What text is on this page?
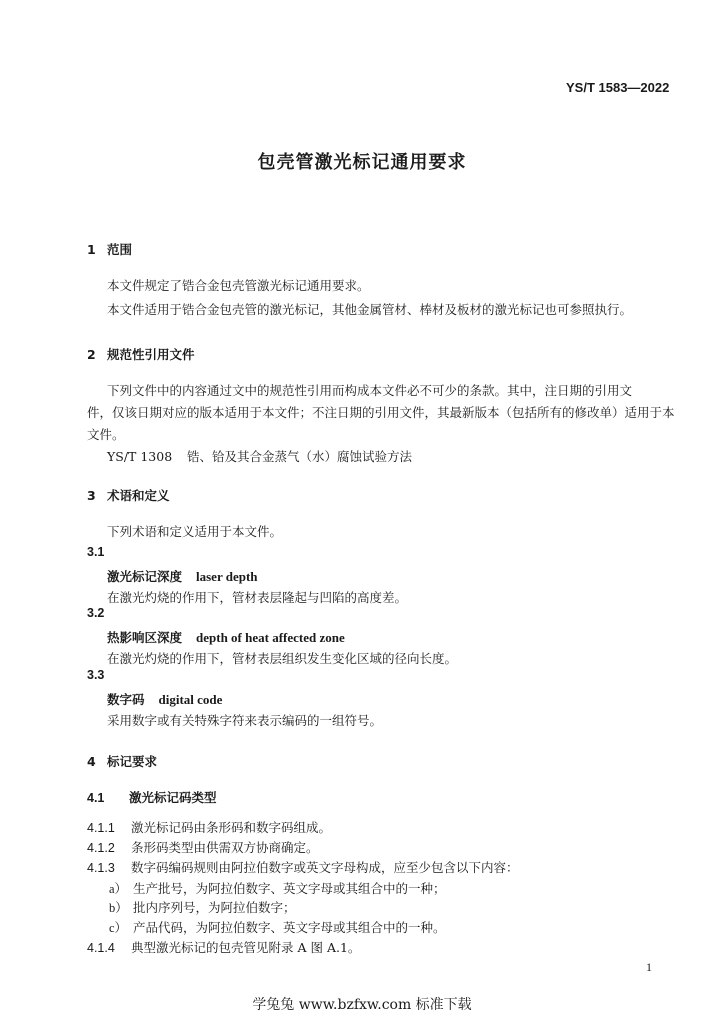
YS/T 1583—2022
包壳管激光标记通用要求
1 范围
本文件规定了锆合金包壳管激光标记通用要求。
本文件适用于锆合金包壳管的激光标记，其他金属管材、棒材及板材的激光标记也可参照执行。
2 规范性引用文件
下列文件中的内容通过文中的规范性引用而构成本文件必不可少的条款。其中，注日期的引用文
件，仅该日期对应的版本适用于本文件；不注日期的引用文件，其最新版本（包括所有的修改单）适用于本
文件。
YS/T 1308 锆、铪及其合金蒸气（水）腐蚀试验方法
3 术语和定义
下列术语和定义适用于本文件。
3.1
激光标记深度 laser depth
在激光灼烧的作用下，管材表层隆起与凹陷的高度差。
3.2
热影响区深度 depth of heat affected zone
在激光灼烧的作用下，管材表层组织发生变化区域的径向长度。
3.3
数字码 digital code
采用数字或有关特殊字符来表示编码的一组符号。
4 标记要求
4.1 激光标记码类型
4.1.1 激光标记码由条形码和数字码组成。
4.1.2 条形码类型由供需双方协商确定。
4.1.3 数字码编码规则由阿拉伯数字或英文字母构成，应至少包含以下内容：
a） 生产批号，为阿拉伯数字、英文字母或其组合中的一种；
b） 批内序列号，为阿拉伯数字；
c） 产品代码，为阿拉伯数字、英文字母或其组合中的一种。
4.1.4 典型激光标记的包壳管见附录 A 图 A.1。
1
学兔兔 www.bzfxw.com 标准下载
